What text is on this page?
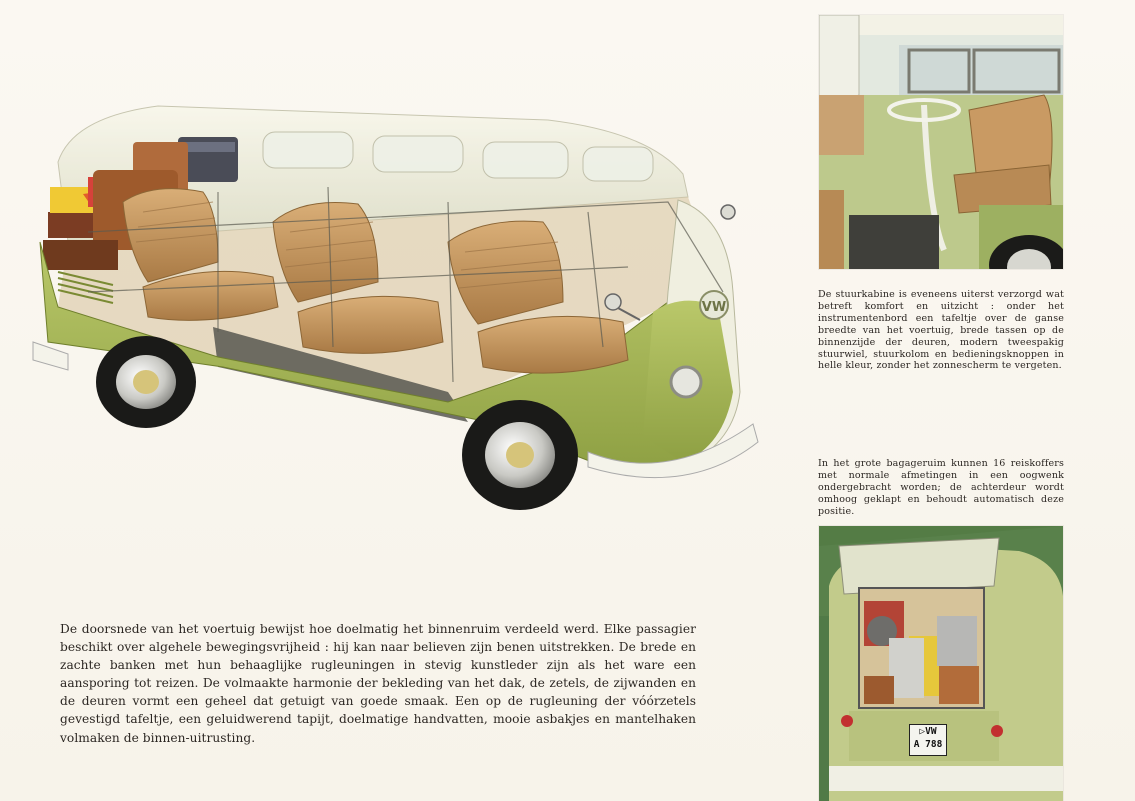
VW
De stuurkabine is eveneens uiterst verzorgd wat betreft komfort en uitzicht : onder het instrumentenbord een tafeltje over de ganse breedte van het voertuig, brede tassen op de binnenzijde der deuren, modern tweespakig stuurwiel, stuurkolom en bedieningsknoppen in helle kleur, zonder het zonnescherm te vergeten.
In het grote bagageruim kunnen 16 reiskoffers met normale afmetingen in een oogwenk ondergebracht worden; de achterdeur wordt omhoog geklapt en behoudt automatisch deze positie.
▷VW
A 788
De doorsnede van het voertuig bewijst hoe doelmatig het binnenruim verdeeld werd. Elke passagier beschikt over algehele bewegingsvrijheid : hij kan naar believen zijn benen uitstrekken. De brede en zachte banken met hun behaaglijke rugleuningen in stevig kunstleder zijn als het ware een aansporing tot reizen. De volmaakte harmonie der bekleding van het dak, de zetels, de zijwanden en de deuren vormt een geheel dat getuigt van goede smaak. Een op de rugleuning der vóórzetels gevestigd tafeltje, een geluidwerend tapijt, doelmatige handvatten, mooie asbakjes en mantelhaken volmaken de binnen-uitrusting.
